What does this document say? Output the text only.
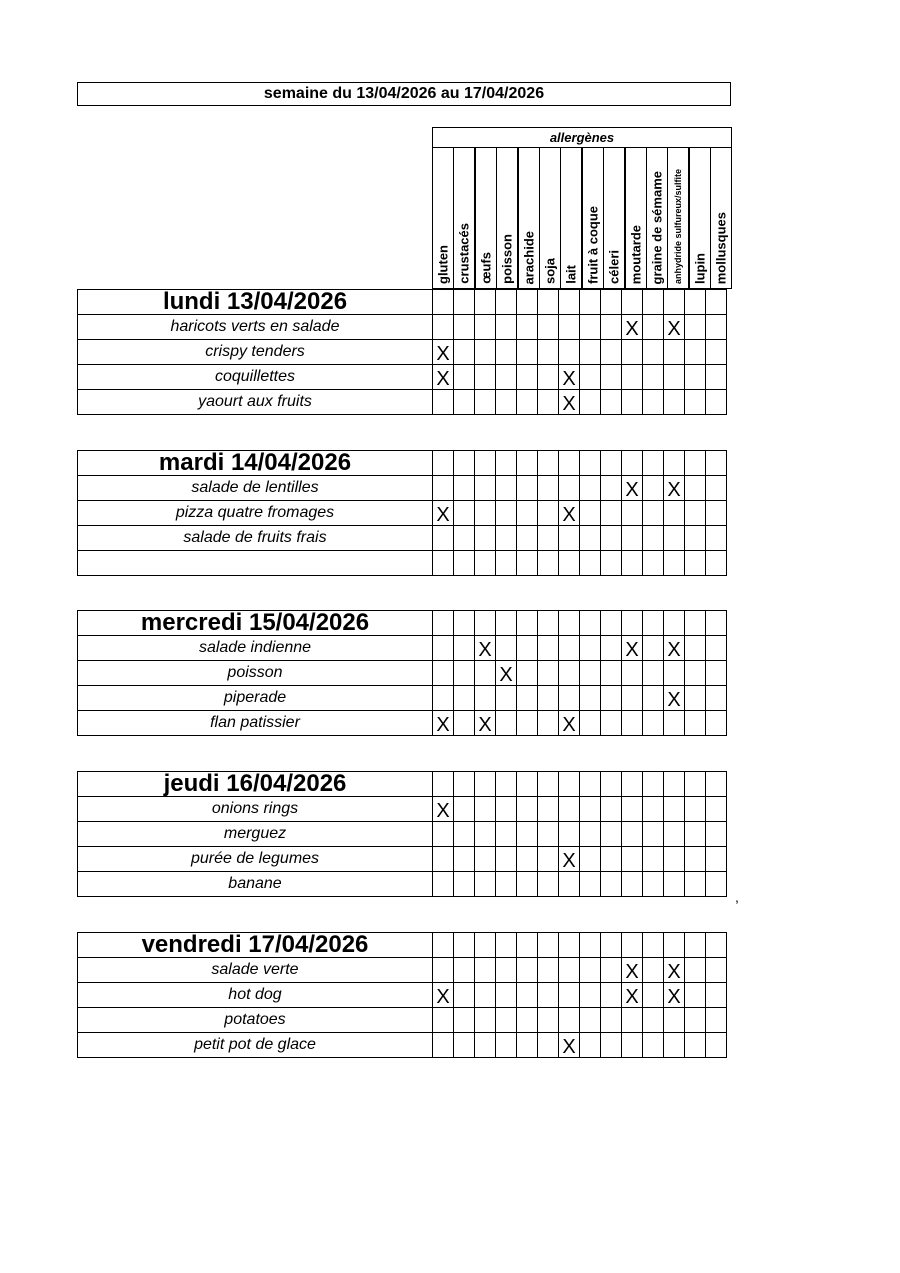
semaine du 13/04/2026 au 17/04/2026
allergènes
gluten crustacés œufs poisson arachide soja lait fruit à coque céleri moutarde graine de sémame anhydride sulfureux/sulfite lupin mollusques
lundi 13/04/2026														
haricots verts en salade										X		X		
crispy tenders	X													
coquillettes	X						X							
yaourt aux fruits							X							
mardi 14/04/2026														
salade de lentilles										X		X		
pizza quatre fromages	X						X							
salade de fruits frais														

mercredi 15/04/2026														
salade indienne			X							X		X		
poisson				X										
piperade												X		
flan patissier	X		X				X							
jeudi 16/04/2026														
onions rings	X													
merguez														
purée de legumes							X							
banane														
vendredi 17/04/2026														
salade verte										X		X		
hot dog	X									X		X		
potatoes														
petit pot de glace							X							
,
